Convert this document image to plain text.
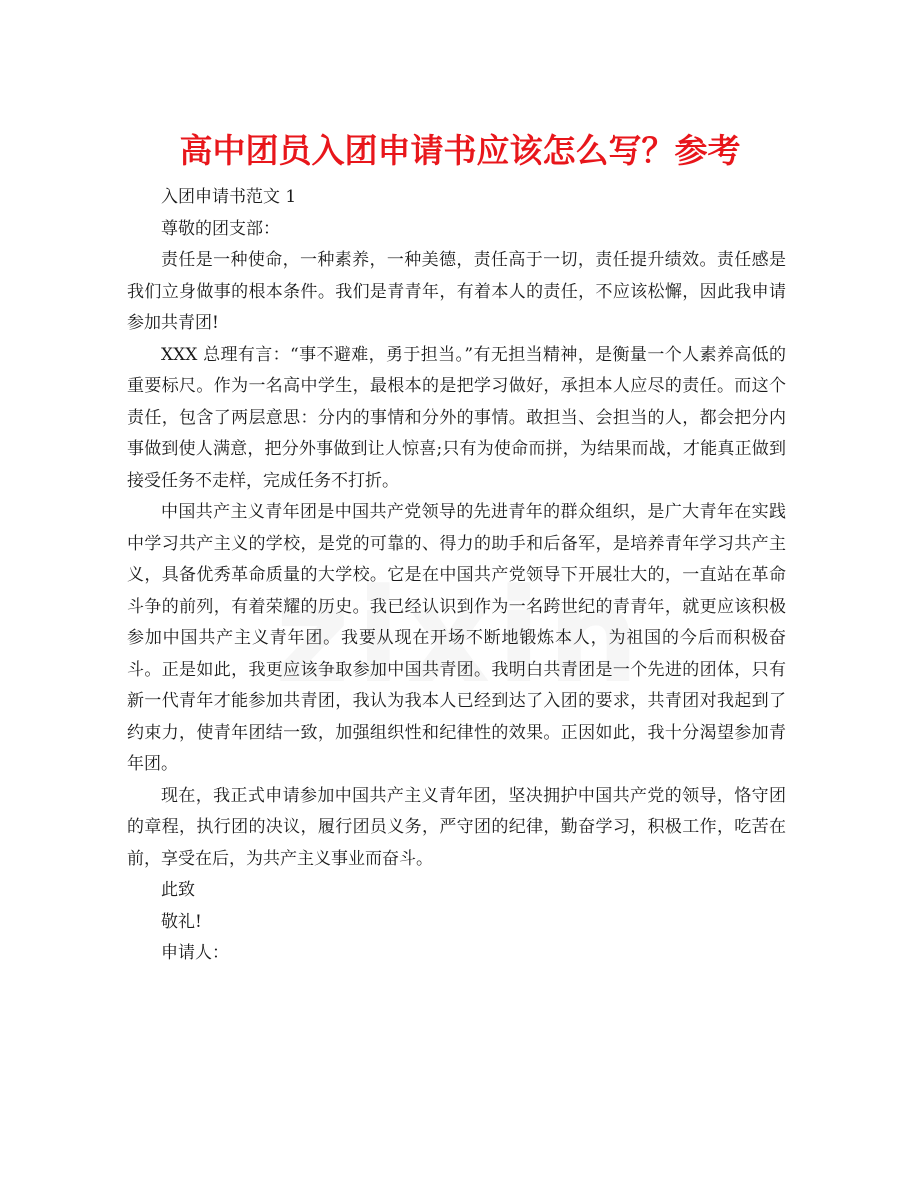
高中团员入团申请书应该怎么写？参考

入团申请书范文 1

尊敬的团支部：

责任是一种使命，一种素养，一种美德，责任高于一切，责任提升绩效。责任感是我们立身做事的根本条件。我们是青青年，有着本人的责任，不应该松懈，因此我申请参加共青团!

XXX 总理有言：“事不避难，勇于担当。”有无担当精神，是衡量一个人素养高低的重要标尺。作为一名高中学生，最根本的是把学习做好，承担本人应尽的责任。而这个责任，包含了两层意思：分内的事情和分外的事情。敢担当、会担当的人，都会把分内事做到使人满意，把分外事做到让人惊喜;只有为使命而拼，为结果而战，才能真正做到接受任务不走样，完成任务不打折。

中国共产主义青年团是中国共产党领导的先进青年的群众组织，是广大青年在实践中学习共产主义的学校，是党的可靠的、得力的助手和后备军，是培养青年学习共产主义，具备优秀革命质量的大学校。它是在中国共产党领导下开展壮大的，一直站在革命斗争的前列，有着荣耀的历史。我已经认识到作为一名跨世纪的青青年，就更应该积极参加中国共产主义青年团。我要从现在开场不断地锻炼本人，为祖国的今后而积极奋斗。正是如此，我更应该争取参加中国共青团。我明白共青团是一个先进的团体，只有新一代青年才能参加共青团，我认为我本人已经到达了入团的要求，共青团对我起到了约束力，使青年团结一致，加强组织性和纪律性的效果。正因如此，我十分渴望参加青年团。

现在，我正式申请参加中国共产主义青年团，坚决拥护中国共产党的领导，恪守团的章程，执行团的决议，履行团员义务，严守团的纪律，勤奋学习，积极工作，吃苦在前，享受在后，为共产主义事业而奋斗。

此致

敬礼!

申请人：
